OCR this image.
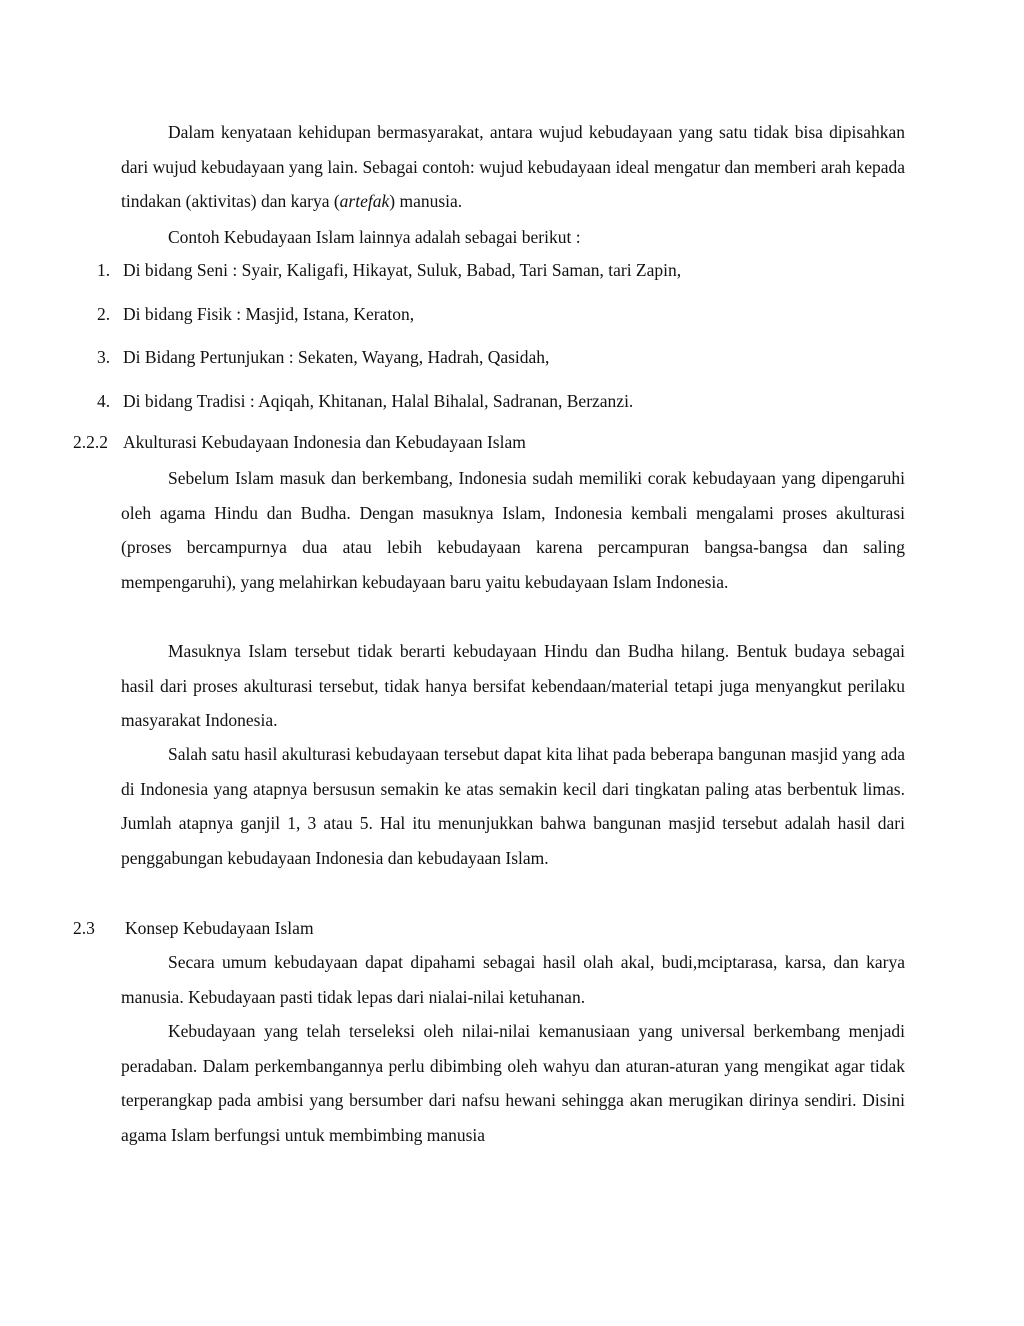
Dalam kenyataan kehidupan bermasyarakat, antara wujud kebudayaan yang satu tidak bisa dipisahkan dari wujud kebudayaan yang lain. Sebagai contoh: wujud kebudayaan ideal mengatur dan memberi arah kepada tindakan (aktivitas) dan karya (artefak) manusia.

Contoh Kebudayaan Islam lainnya adalah sebagai berikut :

1. Di bidang Seni : Syair, Kaligafi, Hikayat, Suluk, Babad, Tari Saman, tari Zapin,
2. Di bidang Fisik : Masjid, Istana, Keraton,
3. Di Bidang Pertunjukan : Sekaten, Wayang, Hadrah, Qasidah,
4. Di bidang Tradisi : Aqiqah, Khitanan, Halal Bihalal, Sadranan, Berzanzi.
2.2.2 Akulturasi Kebudayaan Indonesia dan Kebudayaan Islam

Sebelum Islam masuk dan berkembang, Indonesia sudah memiliki corak kebudayaan yang dipengaruhi oleh agama Hindu dan Budha. Dengan masuknya Islam, Indonesia kembali mengalami proses akulturasi (proses bercampurnya dua atau lebih kebudayaan karena percampuran bangsa-bangsa dan saling mempengaruhi), yang melahirkan kebudayaan baru yaitu kebudayaan Islam Indonesia.

Masuknya Islam tersebut tidak berarti kebudayaan Hindu dan Budha hilang. Bentuk budaya sebagai hasil dari proses akulturasi tersebut, tidak hanya bersifat kebendaan/material tetapi juga menyangkut perilaku masyarakat Indonesia.

Salah satu hasil akulturasi kebudayaan tersebut dapat kita lihat pada beberapa bangunan masjid yang ada di Indonesia yang atapnya bersusun semakin ke atas semakin kecil dari tingkatan paling atas berbentuk limas. Jumlah atapnya ganjil 1, 3 atau 5. Hal itu menunjukkan bahwa bangunan masjid tersebut adalah hasil dari penggabungan kebudayaan Indonesia dan kebudayaan Islam.

2.3 Konsep Kebudayaan Islam

Secara umum kebudayaan dapat dipahami sebagai hasil olah akal, budi,mciptarasa, karsa, dan karya manusia. Kebudayaan pasti tidak lepas dari nialai-nilai ketuhanan.

Kebudayaan yang telah terseleksi oleh nilai-nilai kemanusiaan yang universal berkembang menjadi peradaban. Dalam perkembangannya perlu dibimbing oleh wahyu dan aturan-aturan yang mengikat agar tidak terperangkap pada ambisi yang bersumber dari nafsu hewani sehingga akan merugikan dirinya sendiri. Disini agama Islam berfungsi untuk membimbing manusia
